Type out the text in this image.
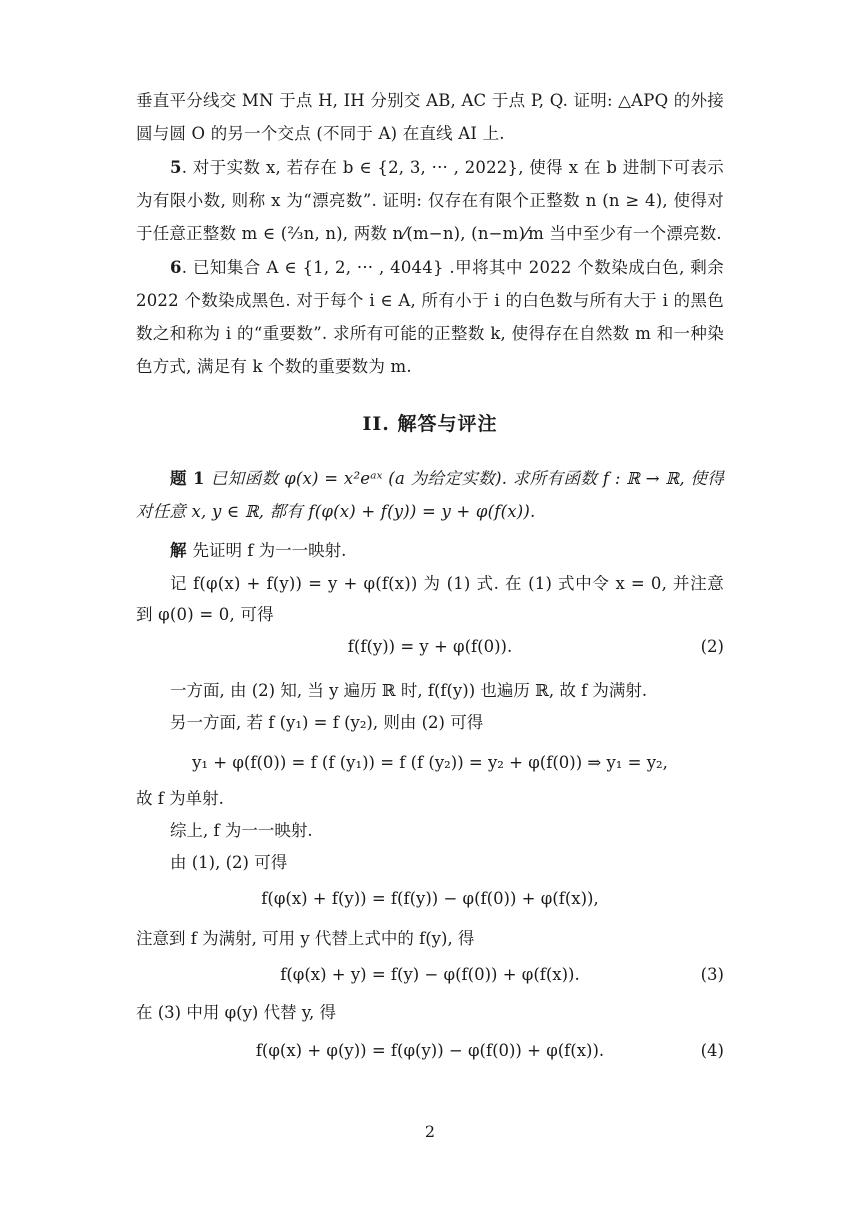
垂直平分线交 MN 于点 H, IH 分别交 AB, AC 于点 P, Q. 证明: △APQ 的外接圆与圆 O 的另一个交点 (不同于 A) 在直线 AI 上.

5. 对于实数 x, 若存在 b ∈ {2, 3, ··· , 2022}, 使得 x 在 b 进制下可表示为有限小数, 则称 x 为“漂亮数”. 证明: 仅存在有限个正整数 n (n ≥ 4), 使得对于任意正整数 m ∈ (⅔n, n), 两数 n⁄(m−n), (n−m)⁄m 当中至少有一个漂亮数.

6. 已知集合 A ∈ {1, 2, ··· , 4044} .甲将其中 2022 个数染成白色, 剩余 2022 个数染成黑色. 对于每个 i ∈ A, 所有小于 i 的白色数与所有大于 i 的黑色数之和称为 i 的“重要数”. 求所有可能的正整数 k, 使得存在自然数 m 和一种染色方式, 满足有 k 个数的重要数为 m.

II. 解答与评注

题 1 已知函数 φ(x) = x²eᵃˣ (a 为给定实数). 求所有函数 f : ℝ → ℝ, 使得对任意 x, y ∈ ℝ, 都有 f(φ(x) + f(y)) = y + φ(f(x)).

解 先证明 f 为一一映射.

记 f(φ(x) + f(y)) = y + φ(f(x)) 为 (1) 式. 在 (1) 式中令 x = 0, 并注意到 φ(0) = 0, 可得

f(f(y)) = y + φ(f(0)).	(2)
一方面, 由 (2) 知, 当 y 遍历 ℝ 时, f(f(y)) 也遍历 ℝ, 故 f 为满射.
另一方面, 若 f (y₁) = f (y₂), 则由 (2) 可得
y₁ + φ(f(0)) = f (f (y₁)) = f (f (y₂)) = y₂ + φ(f(0)) ⇒ y₁ = y₂,
故 f 为单射.
综上, f 为一一映射.
由 (1), (2) 可得
f(φ(x) + f(y)) = f(f(y)) − φ(f(0)) + φ(f(x)),
注意到 f 为满射, 可用 y 代替上式中的 f(y), 得
f(φ(x) + y) = f(y) − φ(f(0)) + φ(f(x)).	(3)
在 (3) 中用 φ(y) 代替 y, 得
f(φ(x) + φ(y)) = f(φ(y)) − φ(f(0)) + φ(f(x)).	(4)
2
